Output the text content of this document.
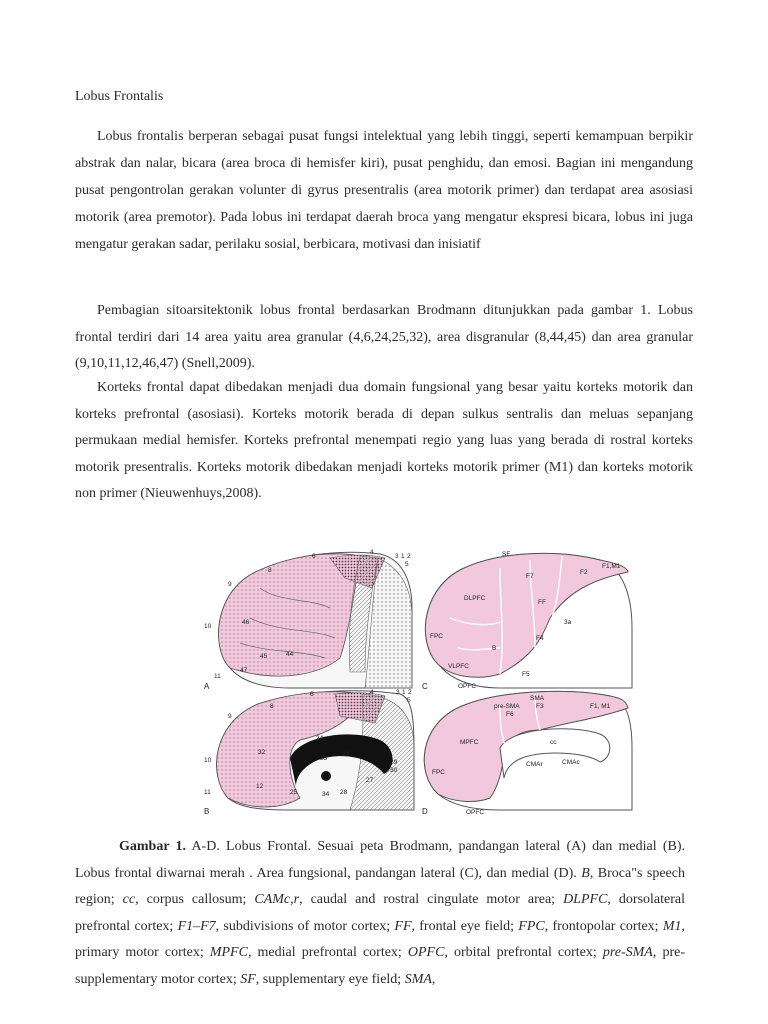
Lobus Frontalis

Lobus frontalis berperan sebagai pusat fungsi intelektual yang lebih tinggi, seperti kemampuan berpikir abstrak dan nalar, bicara (area broca di hemisfer kiri), pusat penghidu, dan emosi. Bagian ini mengandung pusat pengontrolan gerakan volunter di gyrus presentralis (area motorik primer) dan terdapat area asosiasi motorik (area premotor). Pada lobus ini terdapat daerah broca yang mengatur ekspresi bicara, lobus ini juga mengatur gerakan sadar, perilaku sosial, berbicara, motivasi dan inisiatif

Pembagian sitoarsitektonik lobus frontal berdasarkan Brodmann ditunjukkan pada gambar 1. Lobus frontal terdiri dari 14 area yaitu area granular (4,6,24,25,32), area disgranular (8,44,45) dan area granular (9,10,11,12,46,47) (Snell,2009).

Korteks frontal dapat dibedakan menjadi dua domain fungsional yang besar yaitu korteks motorik dan korteks prefrontal (asosiasi). Korteks motorik berada di depan sulkus sentralis dan meluas sepanjang permukaan medial hemisfer. Korteks prefrontal menempati regio yang luas yang berada di rostral korteks motorik presentralis. Korteks motorik dibedakan menjadi korteks motorik primer (M1) dan korteks motorik non primer (Nieuwenhuys,2008).

A
8
6
4
9
3 1 2
5
10
46
45	44
11
47
C
SF
F1,M1
F7
F2
DLPFC
FF
3a
FPC	F4
B
VLPFC
F5
OPFC
B
8
6	4	3 1 2
5
9
10
32
24
11
12
25
33
23
29
30
27
28
34
D
SMA
pre-SMA	F3	F1, M1
F6
MPFC	cc
FPC
CMAr	CMAc
OPFC

Gambar 1. A-D. Lobus Frontal. Sesuai peta Brodmann, pandangan lateral (A) dan medial (B). Lobus frontal diwarnai merah . Area fungsional, pandangan lateral (C), dan medial (D). B, Broca"s speech region; cc, corpus callosum; CAMc,r, caudal and rostral cingulate motor area; DLPFC, dorsolateral prefrontal cortex; F1–F7, subdivisions of motor cortex; FF, frontal eye field; FPC, frontopolar cortex; M1, primary motor cortex; MPFC, medial prefrontal cortex; OPFC, orbital prefrontal cortex; pre-SMA, pre- supplementary motor cortex; SF, supplementary eye field; SMA,
